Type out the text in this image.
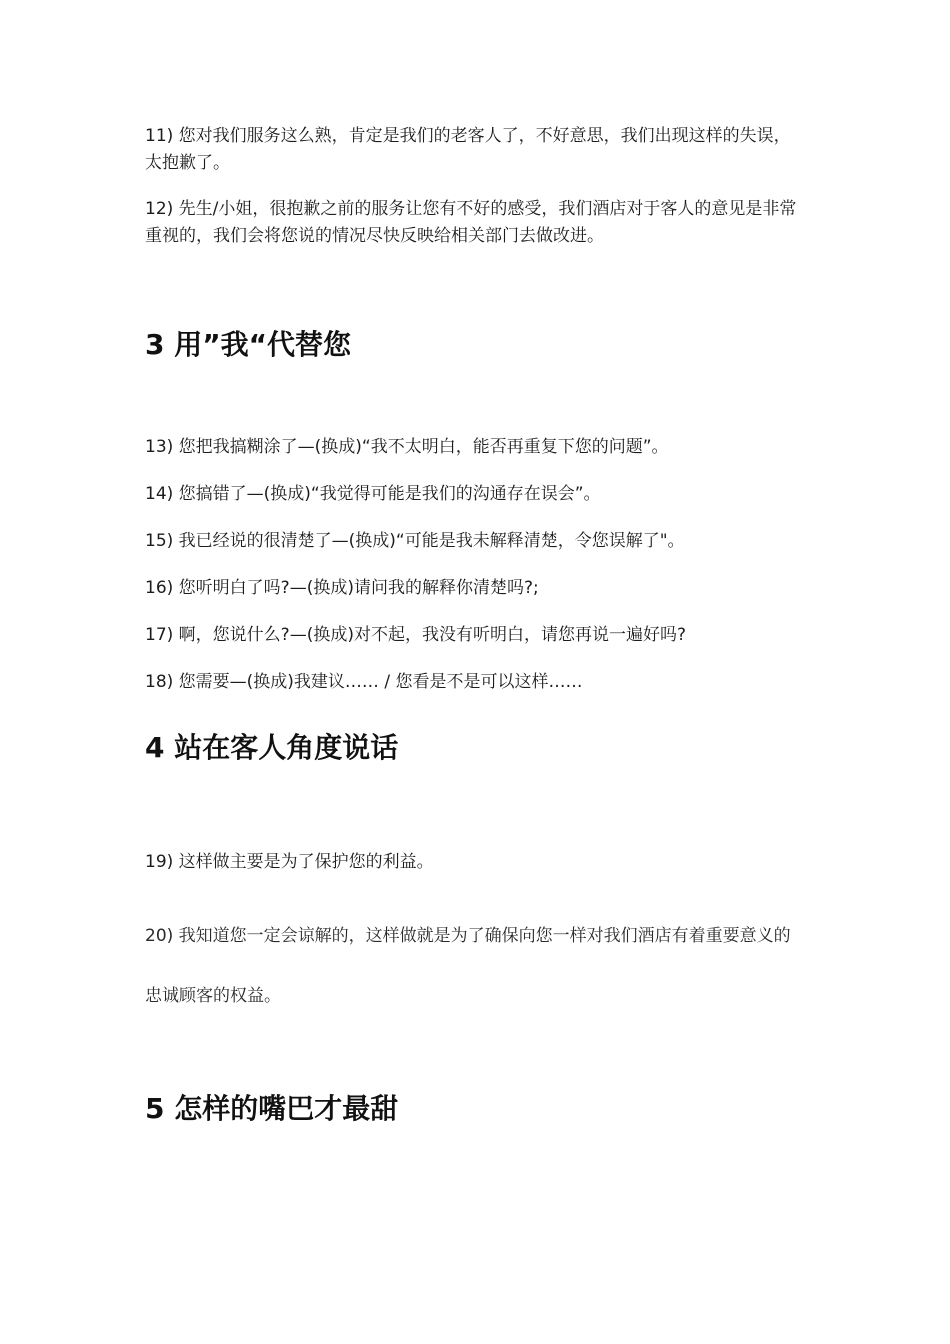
11) 您对我们服务这么熟，肯定是我们的老客人了，不好意思，我们出现这样的失误，太抱歉了。

12) 先生/小姐，很抱歉之前的服务让您有不好的感受，我们酒店对于客人的意见是非常重视的，我们会将您说的情况尽快反映给相关部门去做改进。

3 用”我“代替您

13) 您把我搞糊涂了—(换成)“我不太明白，能否再重复下您的问题”。

14) 您搞错了—(换成)“我觉得可能是我们的沟通存在误会”。

15) 我已经说的很清楚了—(换成)“可能是我未解释清楚，令您误解了"。

16) 您听明白了吗?—(换成)请问我的解释你清楚吗?;

17) 啊，您说什么?—(换成)对不起，我没有听明白，请您再说一遍好吗?

18) 您需要—(换成)我建议…… / 您看是不是可以这样……

4 站在客人角度说话

19) 这样做主要是为了保护您的利益。

20) 我知道您一定会谅解的，这样做就是为了确保向您一样对我们酒店有着重要意义的忠诚顾客的权益。

5 怎样的嘴巴才最甜
